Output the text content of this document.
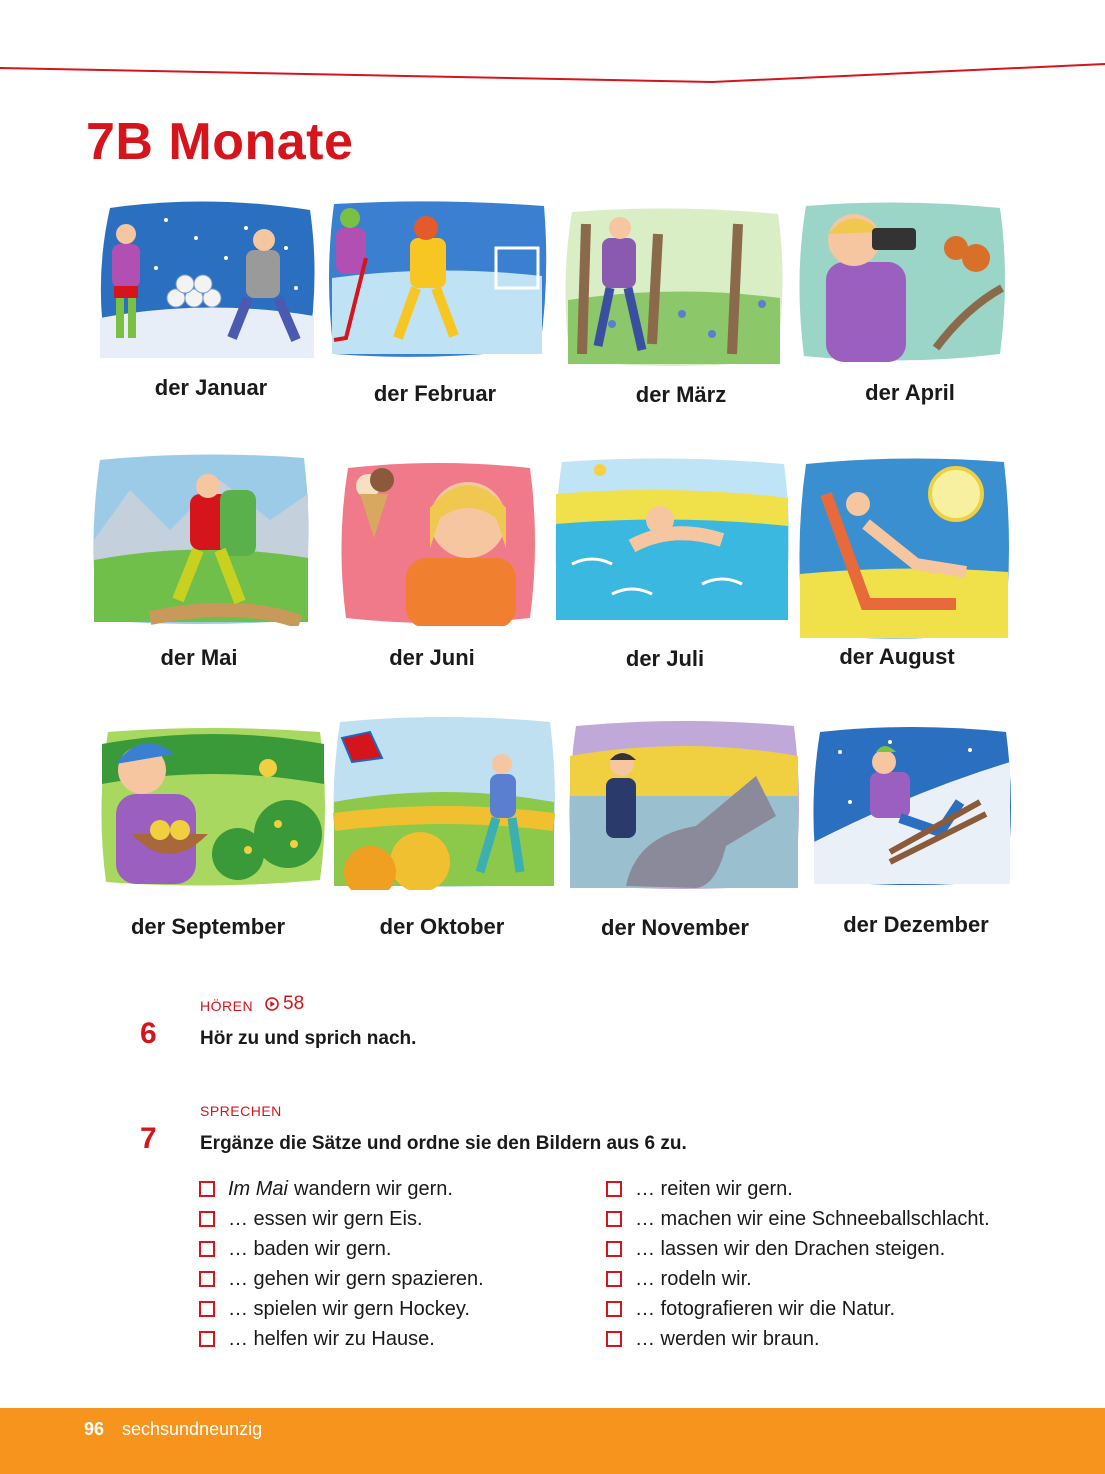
7B Monate
der Januar	der Februar	der März	der April
der Mai	der Juni	der Juli	der August
der September	der Oktober	der November	der Dezember
HÖREN 58
6 Hör zu und sprich nach.
SPRECHEN
7 Ergänze die Sätze und ordne sie den Bildern aus 6 zu.
Im Mai wandern wir gern.
… essen wir gern Eis.
… baden wir gern.
… gehen wir gern spazieren.
… spielen wir gern Hockey.
… helfen wir zu Hause.
… reiten wir gern.
… machen wir eine Schneeballschlacht.
… lassen wir den Drachen steigen.
… rodeln wir.
… fotografieren wir die Natur.
… werden wir braun.
96 sechsundneunzig
